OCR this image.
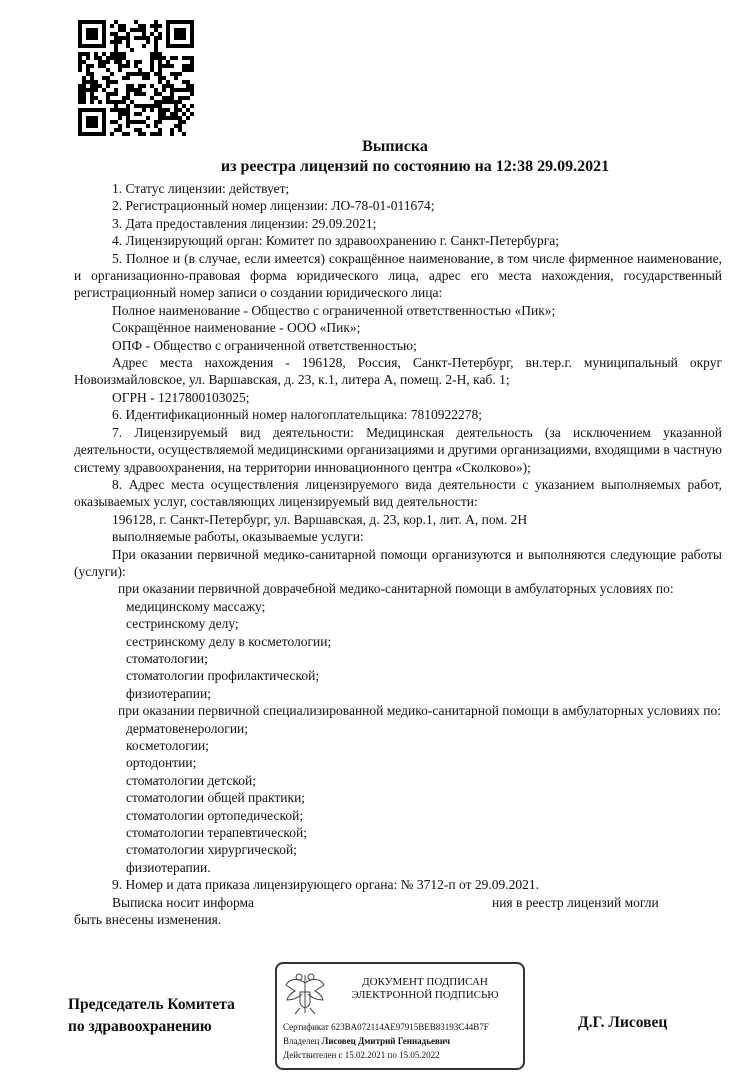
Выписка
из реестра лицензий по состоянию на 12:38 29.09.2021

1. Статус лицензии: действует;

2. Регистрационный номер лицензии: ЛО-78-01-011674;

3. Дата предоставления лицензии: 29.09.2021;

4. Лицензирующий орган: Комитет по здравоохранению г. Санкт-Петербурга;

5. Полное и (в случае, если имеется) сокращённое наименование, в том числе фирменное наименование, и организационно-правовая форма юридического лица, адрес его места нахождения, государственный регистрационный номер записи о создании юридического лица:

Полное наименование - Общество с ограниченной ответственностью «Пик»;

Сокращённое наименование - ООО «Пик»;

ОПФ - Общество с ограниченной ответственностью;

Адрес места нахождения - 196128, Россия, Санкт-Петербург, вн.тер.г. муниципальный округ Новоизмайловское, ул. Варшавская, д. 23, к.1, литера А, помещ. 2-Н, каб. 1;

ОГРН - 1217800103025;

6. Идентификационный номер налогоплательщика: 7810922278;

7. Лицензируемый вид деятельности: Медицинская деятельность (за исключением указанной деятельности, осуществляемой медицинскими организациями и другими организациями, входящими в частную систему здравоохранения, на территории инновационного центра «Сколково»);

8. Адрес места осуществления лицензируемого вида деятельности с указанием выполняемых работ, оказываемых услуг, составляющих лицензируемый вид деятельности:

196128, г. Санкт-Петербург, ул. Варшавская, д. 23, кор.1, лит. А, пом. 2Н

выполняемые работы, оказываемые услуги:

При оказании первичной медико-санитарной помощи организуются и выполняются следующие работы (услуги):

при оказании первичной доврачебной медико-санитарной помощи в амбулаторных условиях по:

медицинскому массажу;

сестринскому делу;

сестринскому делу в косметологии;

стоматологии;

стоматологии профилактической;

физиотерапии;

при оказании первичной специализированной медико-санитарной помощи в амбулаторных условиях по:

дерматовенерологии;

косметологии;

ортодонтии;

стоматологии детской;

стоматологии общей практики;

стоматологии ортопедической;

стоматологии терапевтической;

стоматологии хирургической;

физиотерапии.

9. Номер и дата приказа лицензирующего органа: № 3712-п от 29.09.2021.

Выписка носит информа	ния в реестр лицензий могли

быть внесены изменения.

Председатель Комитета
по здравоохранению	Д.Г. Лисовец
ДОКУМЕНТ ПОДПИСАН
ЭЛЕКТРОННОЙ ПОДПИСЬЮ
Сертификат 623BA072114AE97915BEB83193C44B7F
Владелец Лисовец Дмитрий Геннадьевич
Действителен с 15.02.2021 по 15.05.2022
